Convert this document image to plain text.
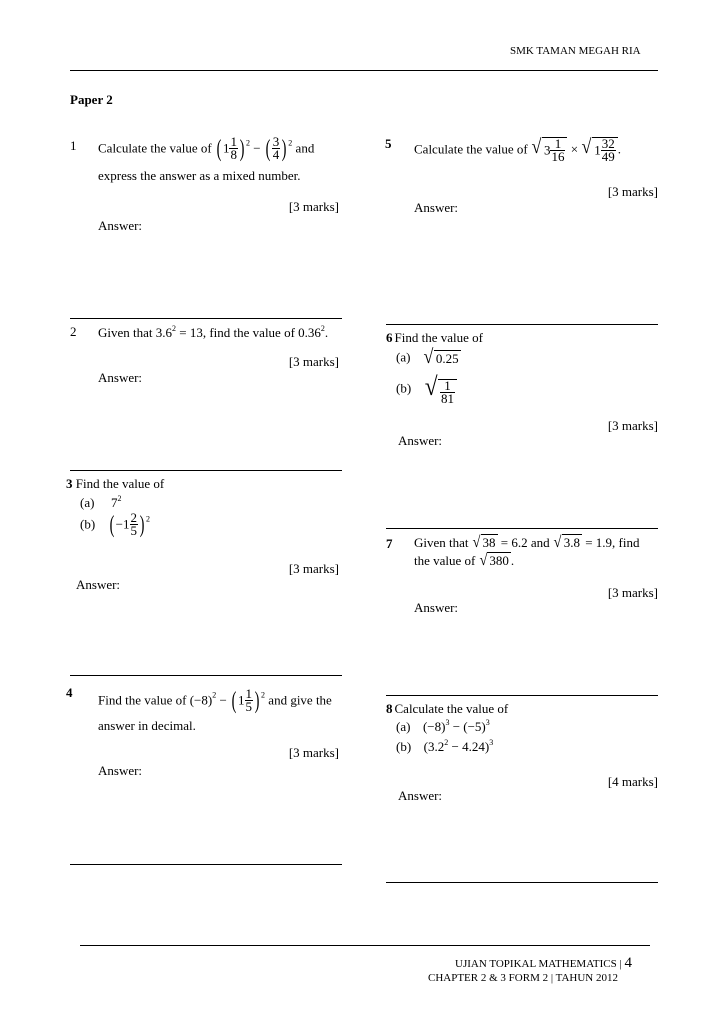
SMK TAMAN MEGAH RIA
Paper 2
1 Calculate the value of ( $1 \frac{1}{8}$ ) $^2$ − ( $\frac{3}{4}$ ) $^2$ and
express the answer as a mixed number.
[3 marks]
Answer:
2 Given that $3.6^2 = 13$, find the value of 0.36$^2$.
[3 marks]
Answer:
3 Find the value of
(a) $7^2$
(b) ( $-1 \frac{2}{5}$ ) $^2$
[3 marks]
Answer:
4 Find the value of $(-8)^2$ − ( $1 \frac{1}{5}$ ) $^2$ and give the
answer in decimal.
[3 marks]
Answer:
5 Calculate the value of √ $3 \frac{1}{16}$ × √ $1 \frac{32}{49}$ .
[3 marks]
Answer:
6 Find the value of
(a) √ 0.25
(b) √ $\frac{1}{81}$
[3 marks]
Answer:
7 Given that √ 38 = 6.2 and √ 3.8 = 1.9, find
the value of √ 380 .
[3 marks]
Answer:
8 Calculate the value of
(a) $(-8)^3 - (-5)^3$
(b) $(3.2^2 - 4.24)^3$
[4 marks]
Answer:
UJIAN TOPIKAL MATHEMATICS | 4
CHAPTER 2 & 3 FORM 2 | TAHUN 2012
